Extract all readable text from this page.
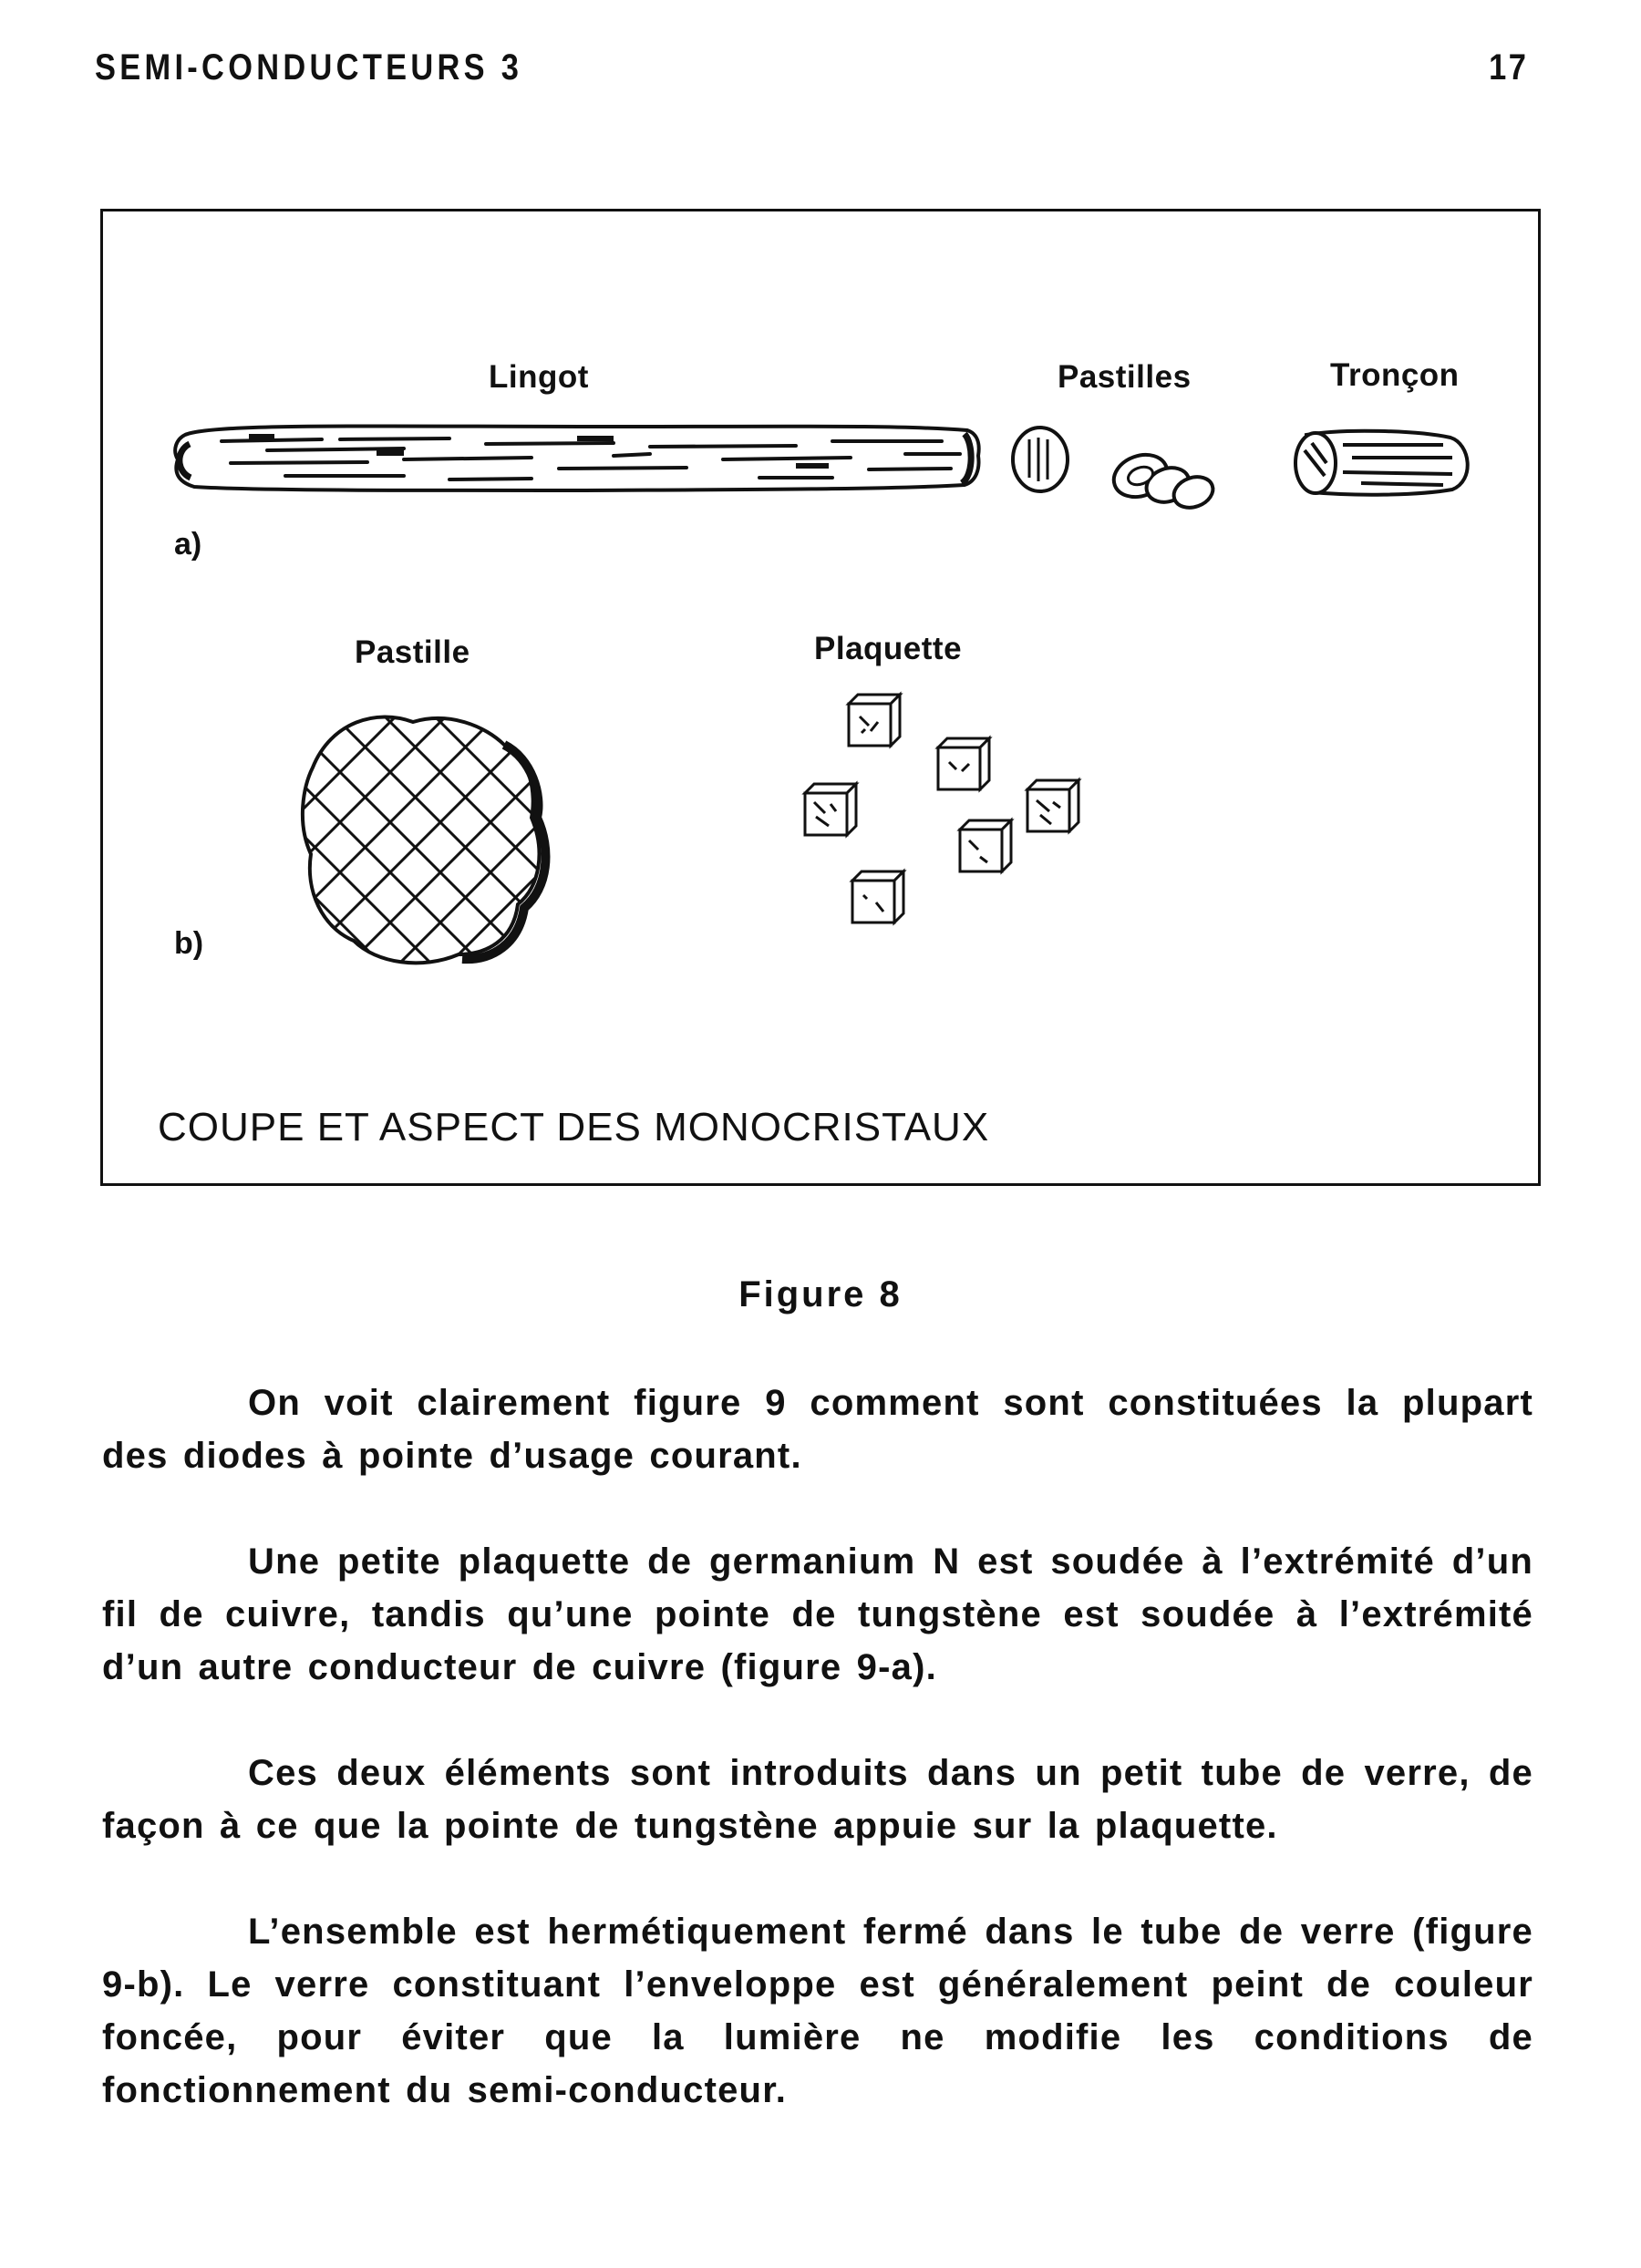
SEMI-CONDUCTEURS 3	17
Lingot	Pastilles	Tronçon
a)
Pastille	Plaquette
b)
COUPE ET ASPECT DES MONOCRISTAUX
Figure 8

On voit clairement figure 9 comment sont constituées la plupart des diodes à pointe d’usage courant.

Une petite plaquette de germanium N est soudée à l’extrémité d’un fil de cuivre, tandis qu’une pointe de tungstène est soudée à l’extrémité d’un autre conducteur de cuivre (figure 9-a).

Ces deux éléments sont introduits dans un petit tube de verre, de façon à ce que la pointe de tungstène appuie sur la plaquette.

L’ensemble est hermétiquement fermé dans le tube de verre (figure 9-b). Le verre constituant l’enveloppe est généralement peint de couleur foncée, pour éviter que la lumière ne modifie les conditions de fonctionnement du semi-conducteur.
